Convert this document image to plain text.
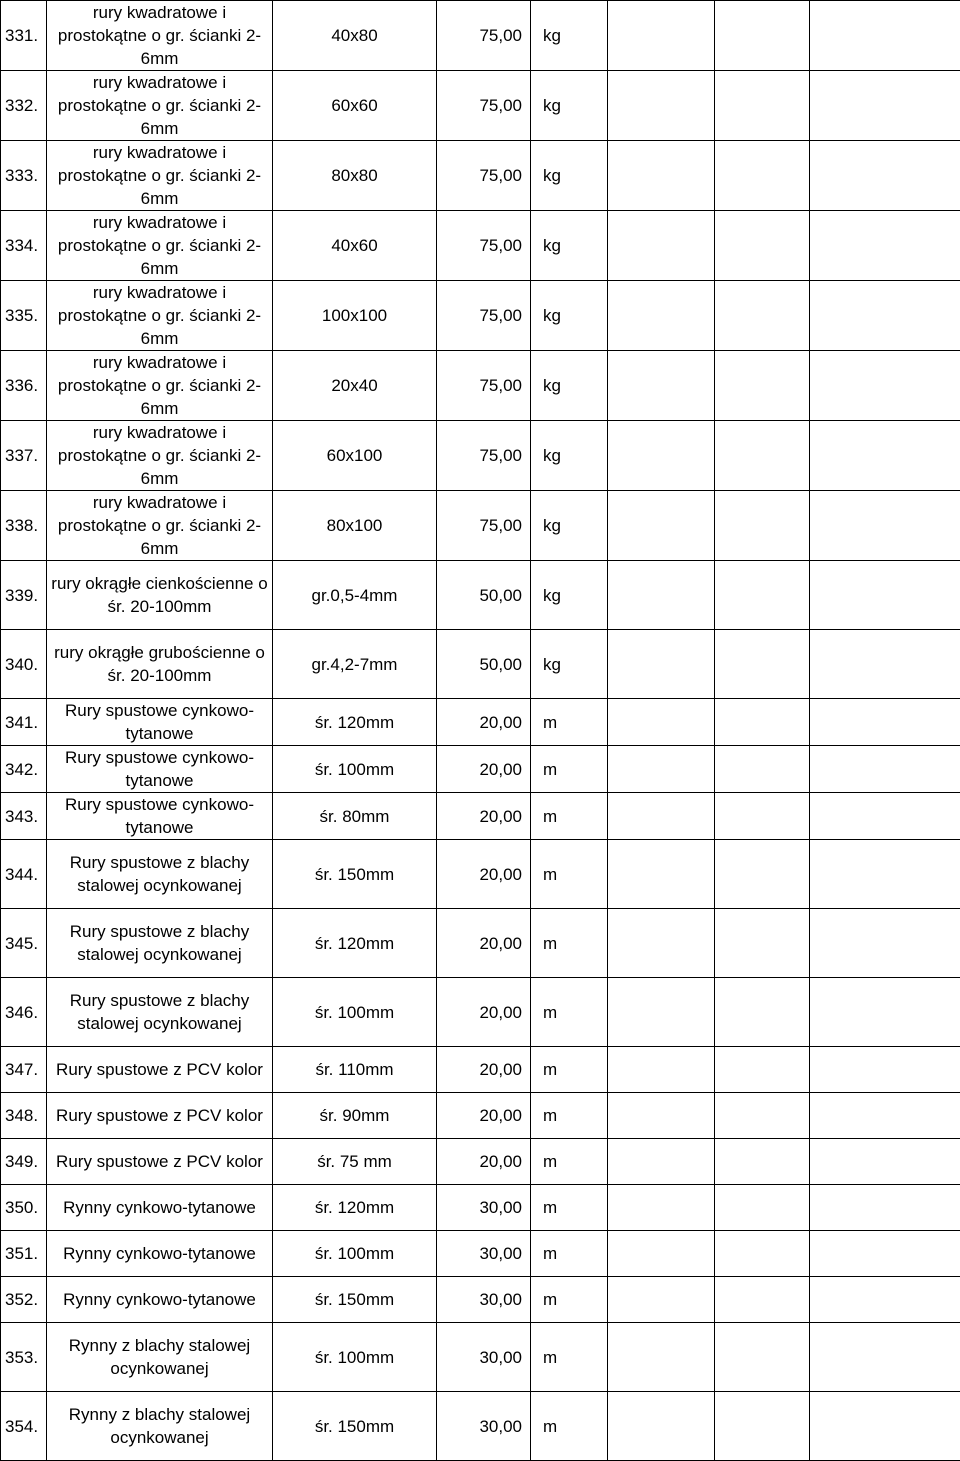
331.	rury kwadratowe i prostokątne o gr. ścianki 2-6mm	40x80	75,00	kg			
332.	rury kwadratowe i prostokątne o gr. ścianki 2-6mm	60x60	75,00	kg			
333.	rury kwadratowe i prostokątne o gr. ścianki 2-6mm	80x80	75,00	kg			
334.	rury kwadratowe i prostokątne o gr. ścianki 2-6mm	40x60	75,00	kg			
335.	rury kwadratowe i prostokątne o gr. ścianki 2-6mm	100x100	75,00	kg			
336.	rury kwadratowe i prostokątne o gr. ścianki 2-6mm	20x40	75,00	kg			
337.	rury kwadratowe i prostokątne o gr. ścianki 2-6mm	60x100	75,00	kg			
338.	rury kwadratowe i prostokątne o gr. ścianki 2-6mm	80x100	75,00	kg			
339.	rury okrągłe cienkościenne o śr. 20-100mm	gr.0,5-4mm	50,00	kg			
340.	rury okrągłe grubościenne o śr. 20-100mm	gr.4,2-7mm	50,00	kg			
341.	Rury spustowe cynkowo-tytanowe	śr. 120mm	20,00	m			
342.	Rury spustowe cynkowo-tytanowe	śr. 100mm	20,00	m			
343.	Rury spustowe cynkowo-tytanowe	śr. 80mm	20,00	m			
344.	Rury spustowe z blachy stalowej ocynkowanej	śr. 150mm	20,00	m			
345.	Rury spustowe z blachy stalowej ocynkowanej	śr. 120mm	20,00	m			
346.	Rury spustowe z blachy stalowej ocynkowanej	śr. 100mm	20,00	m			
347.	Rury spustowe z PCV kolor	śr. 110mm	20,00	m			
348.	Rury spustowe z PCV kolor	śr. 90mm	20,00	m			
349.	Rury spustowe z PCV kolor	śr. 75 mm	20,00	m			
350.	Rynny cynkowo-tytanowe	śr. 120mm	30,00	m			
351.	Rynny cynkowo-tytanowe	śr. 100mm	30,00	m			
352.	Rynny cynkowo-tytanowe	śr. 150mm	30,00	m			
353.	Rynny z blachy stalowej ocynkowanej	śr. 100mm	30,00	m			
354.	Rynny z blachy stalowej ocynkowanej	śr. 150mm	30,00	m			
